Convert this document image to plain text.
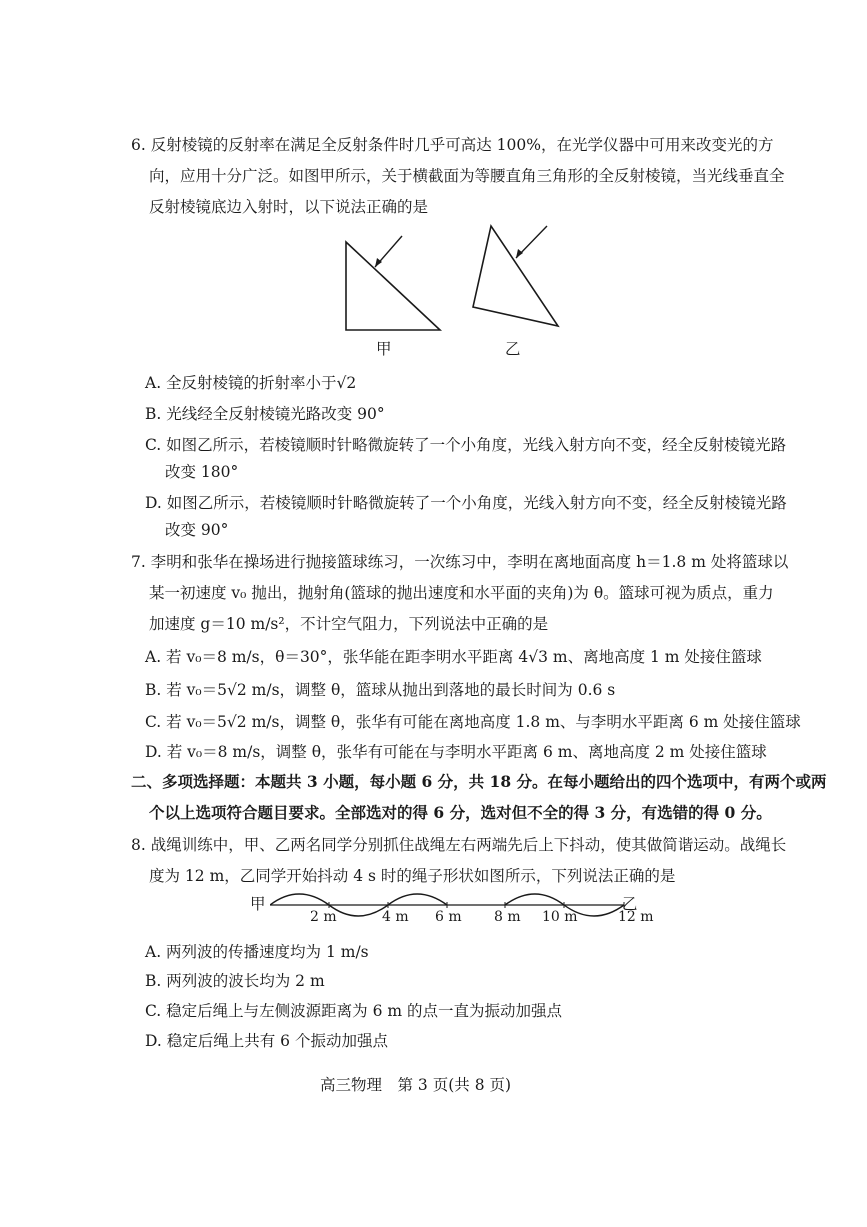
6. 反射棱镜的反射率在满足全反射条件时几乎可高达 100%，在光学仪器中可用来改变光的方
向，应用十分广泛。如图甲所示，关于横截面为等腰直角三角形的全反射棱镜，当光线垂直全
反射棱镜底边入射时，以下说法正确的是
甲	乙
A. 全反射棱镜的折射率小于√2
B. 光线经全反射棱镜光路改变 90°
C. 如图乙所示，若棱镜顺时针略微旋转了一个小角度，光线入射方向不变，经全反射棱镜光路
改变 180°
D. 如图乙所示，若棱镜顺时针略微旋转了一个小角度，光线入射方向不变，经全反射棱镜光路
改变 90°
7. 李明和张华在操场进行抛接篮球练习，一次练习中，李明在离地面高度 h＝1.8 m 处将篮球以
某一初速度 v₀ 抛出，抛射角(篮球的抛出速度和水平面的夹角)为 θ。篮球可视为质点，重力
加速度 g＝10 m/s²，不计空气阻力，下列说法中正确的是
A. 若 v₀＝8 m/s，θ＝30°，张华能在距李明水平距离 4√3 m、离地高度 1 m 处接住篮球
B. 若 v₀＝5√2 m/s，调整 θ，篮球从抛出到落地的最长时间为 0.6 s
C. 若 v₀＝5√2 m/s，调整 θ，张华有可能在离地高度 1.8 m、与李明水平距离 6 m 处接住篮球
D. 若 v₀＝8 m/s，调整 θ，张华有可能在与李明水平距离 6 m、离地高度 2 m 处接住篮球
二、多项选择题：本题共 3 小题，每小题 6 分，共 18 分。在每小题给出的四个选项中，有两个或两
个以上选项符合题目要求。全部选对的得 6 分，选对但不全的得 3 分，有选错的得 0 分。
8. 战绳训练中，甲、乙两名同学分别抓住战绳左右两端先后上下抖动，使其做简谐运动。战绳长
度为 12 m，乙同学开始抖动 4 s 时的绳子形状如图所示，下列说法正确的是
甲	乙
2 m	4 m 6 m 8 m 10 m	12 m
A. 两列波的传播速度均为 1 m/s
B. 两列波的波长均为 2 m
C. 稳定后绳上与左侧波源距离为 6 m 的点一直为振动加强点
D. 稳定后绳上共有 6 个振动加强点
高三物理　第 3 页(共 8 页)
